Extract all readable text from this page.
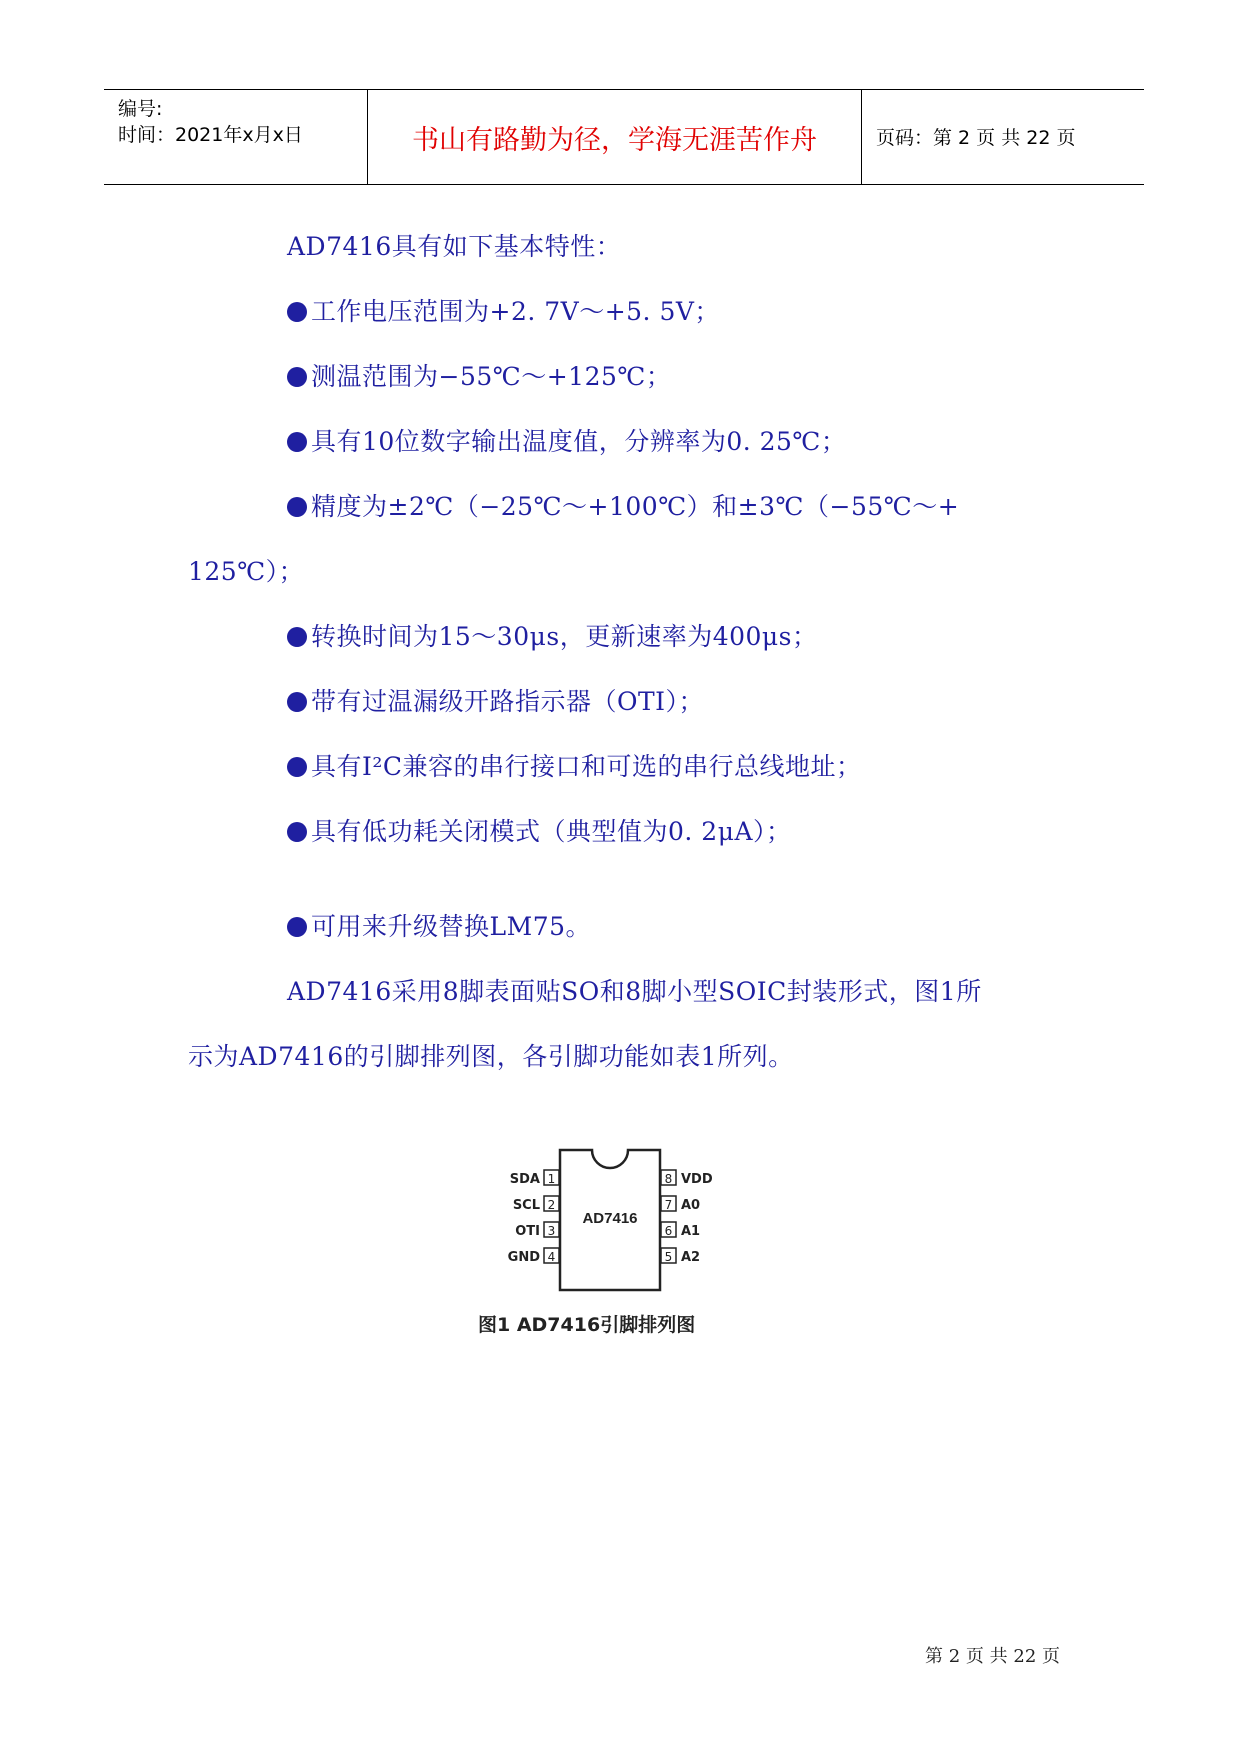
编号:
时间：2021年x月x日	书山有路勤为径，学海无涯苦作舟	页码：第 2 页 共 22 页
AD7416具有如下基本特性：
工作电压范围为+2. 7V～+5. 5V；
测温范围为−55℃～+125℃；
具有10位数字输出温度值，分辨率为0. 25℃；
精度为±2℃（−25℃～+100℃）和±3℃（−55℃～+
125℃）；
转换时间为15～30μs，更新速率为400μs；
带有过温漏级开路指示器（OTI）；
具有I²C兼容的串行接口和可选的串行总线地址；
具有低功耗关闭模式（典型值为0. 2μA）；
可用来升级替换LM75。
AD7416采用8脚表面贴SO和8脚小型SOIC封装形式，图1所
示为AD7416的引脚排列图，各引脚功能如表1所列。
AD7416
1
SDA
2
SCL
3
OTI
4
GND
8 VDD
7 A0
6 A1
5 A2
图1 AD7416引脚排列图
第 2 页 共 22 页
